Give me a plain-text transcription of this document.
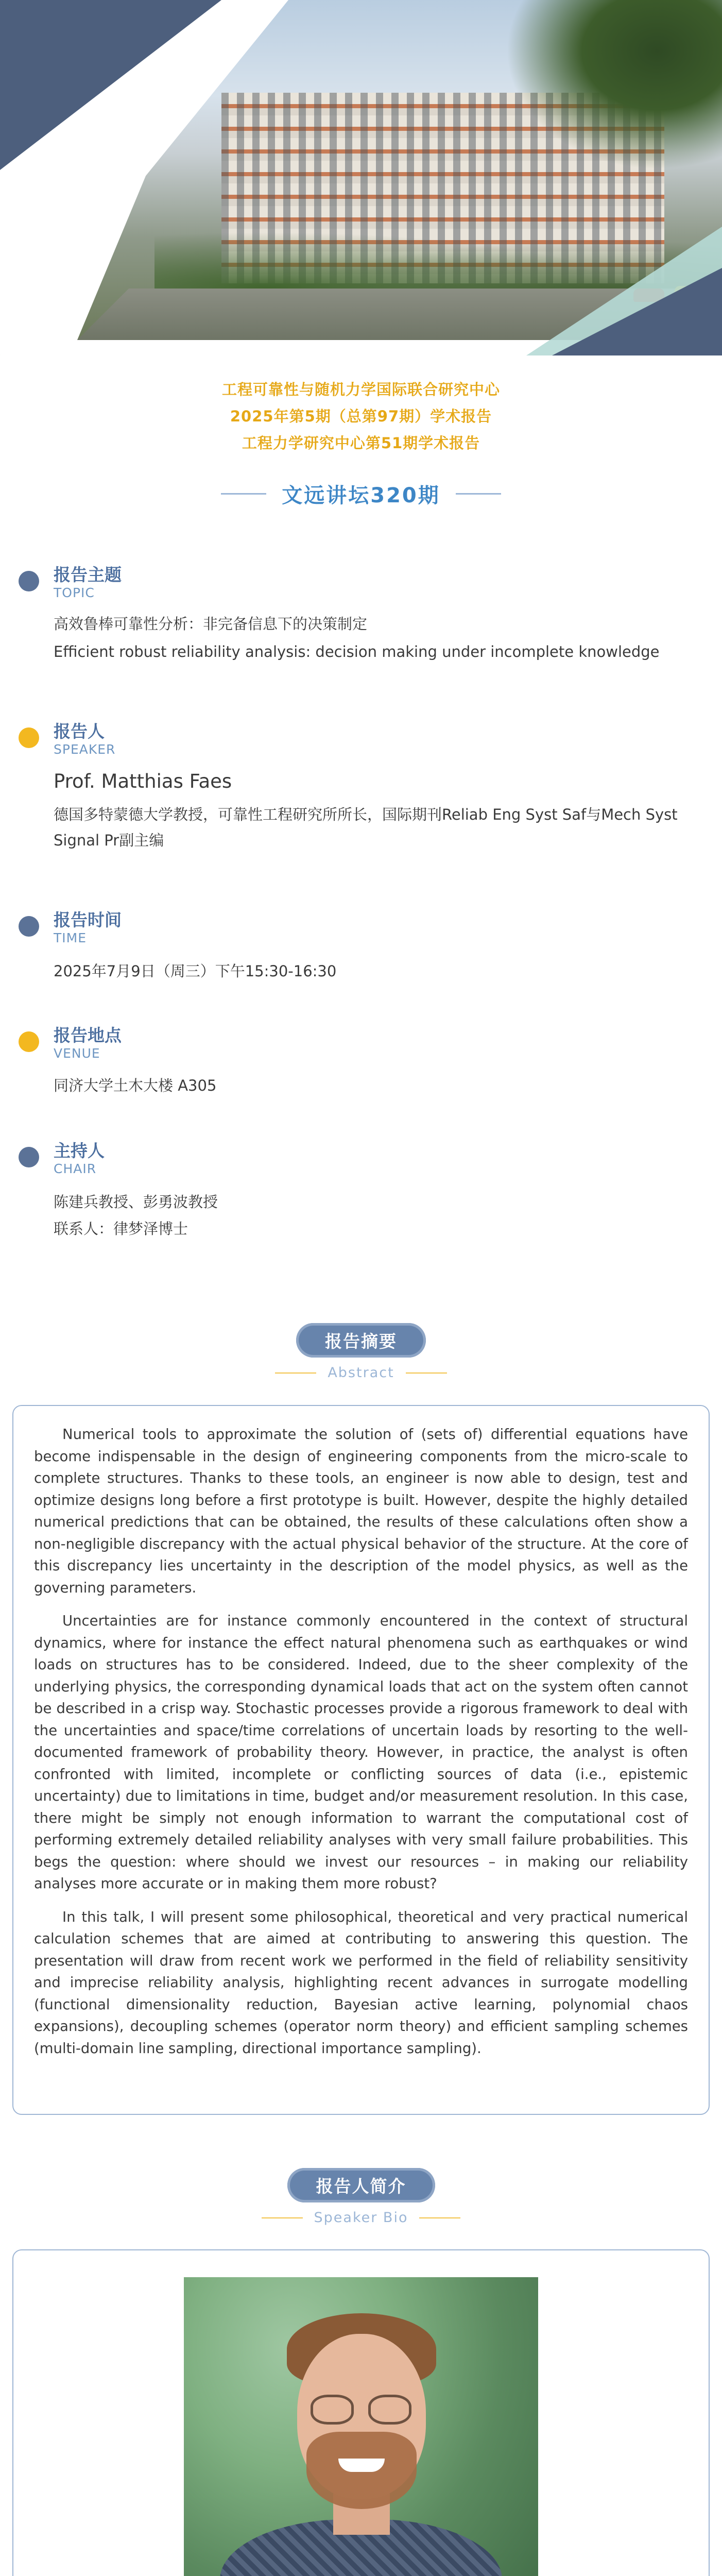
工程可靠性与随机力学国际联合研究中心
2025年第5期（总第97期）学术报告
工程力学研究中心第51期学术报告
文远讲坛320期
报告主题
TOPIC
高效鲁棒可靠性分析：非完备信息下的决策制定
Efficient robust reliability analysis: decision making under incomplete knowledge
报告人
SPEAKER
Prof. Matthias Faes
德国多特蒙德大学教授，可靠性工程研究所所长，国际期刊Reliab Eng Syst Saf与Mech Syst Signal Pr副主编
报告时间
TIME
2025年7月9日（周三）下午15:30-16:30
报告地点
VENUE
同济大学土木大楼 A305
主持人
CHAIR
陈建兵教授、彭勇波教授
联系人：律梦泽博士
报告摘要
Abstract

Numerical tools to approximate the solution of (sets of) differential equations have become indispensable in the design of engineering components from the micro-scale to complete structures. Thanks to these tools, an engineer is now able to design, test and optimize designs long before a first prototype is built. However, despite the highly detailed numerical predictions that can be obtained, the results of these calculations often show a non-negligible discrepancy with the actual physical behavior of the structure. At the core of this discrepancy lies uncertainty in the description of the model physics, as well as the governing parameters.

Uncertainties are for instance commonly encountered in the context of structural dynamics, where for instance the effect natural phenomena such as earthquakes or wind loads on structures has to be considered. Indeed, due to the sheer complexity of the underlying physics, the corresponding dynamical loads that act on the system often cannot be described in a crisp way. Stochastic processes provide a rigorous framework to deal with the uncertainties and space/time correlations of uncertain loads by resorting to the well-documented framework of probability theory. However, in practice, the analyst is often confronted with limited, incomplete or conflicting sources of data (i.e., epistemic uncertainty) due to limitations in time, budget and/or measurement resolution. In this case, there might be simply not enough information to warrant the computational cost of performing extremely detailed reliability analyses with very small failure probabilities. This begs the question: where should we invest our resources – in making our reliability analyses more accurate or in making them more robust?

In this talk, I will present some philosophical, theoretical and very practical numerical calculation schemes that are aimed at contributing to answering this question. The presentation will draw from recent work we performed in the field of reliability sensitivity and imprecise reliability analysis, highlighting recent advances in surrogate modelling (functional dimensionality reduction, Bayesian active learning, polynomial chaos expansions), decoupling schemes (operator norm theory) and efficient sampling schemes (multi-domain line sampling, directional importance sampling).

报告人简介
Speaker Bio
